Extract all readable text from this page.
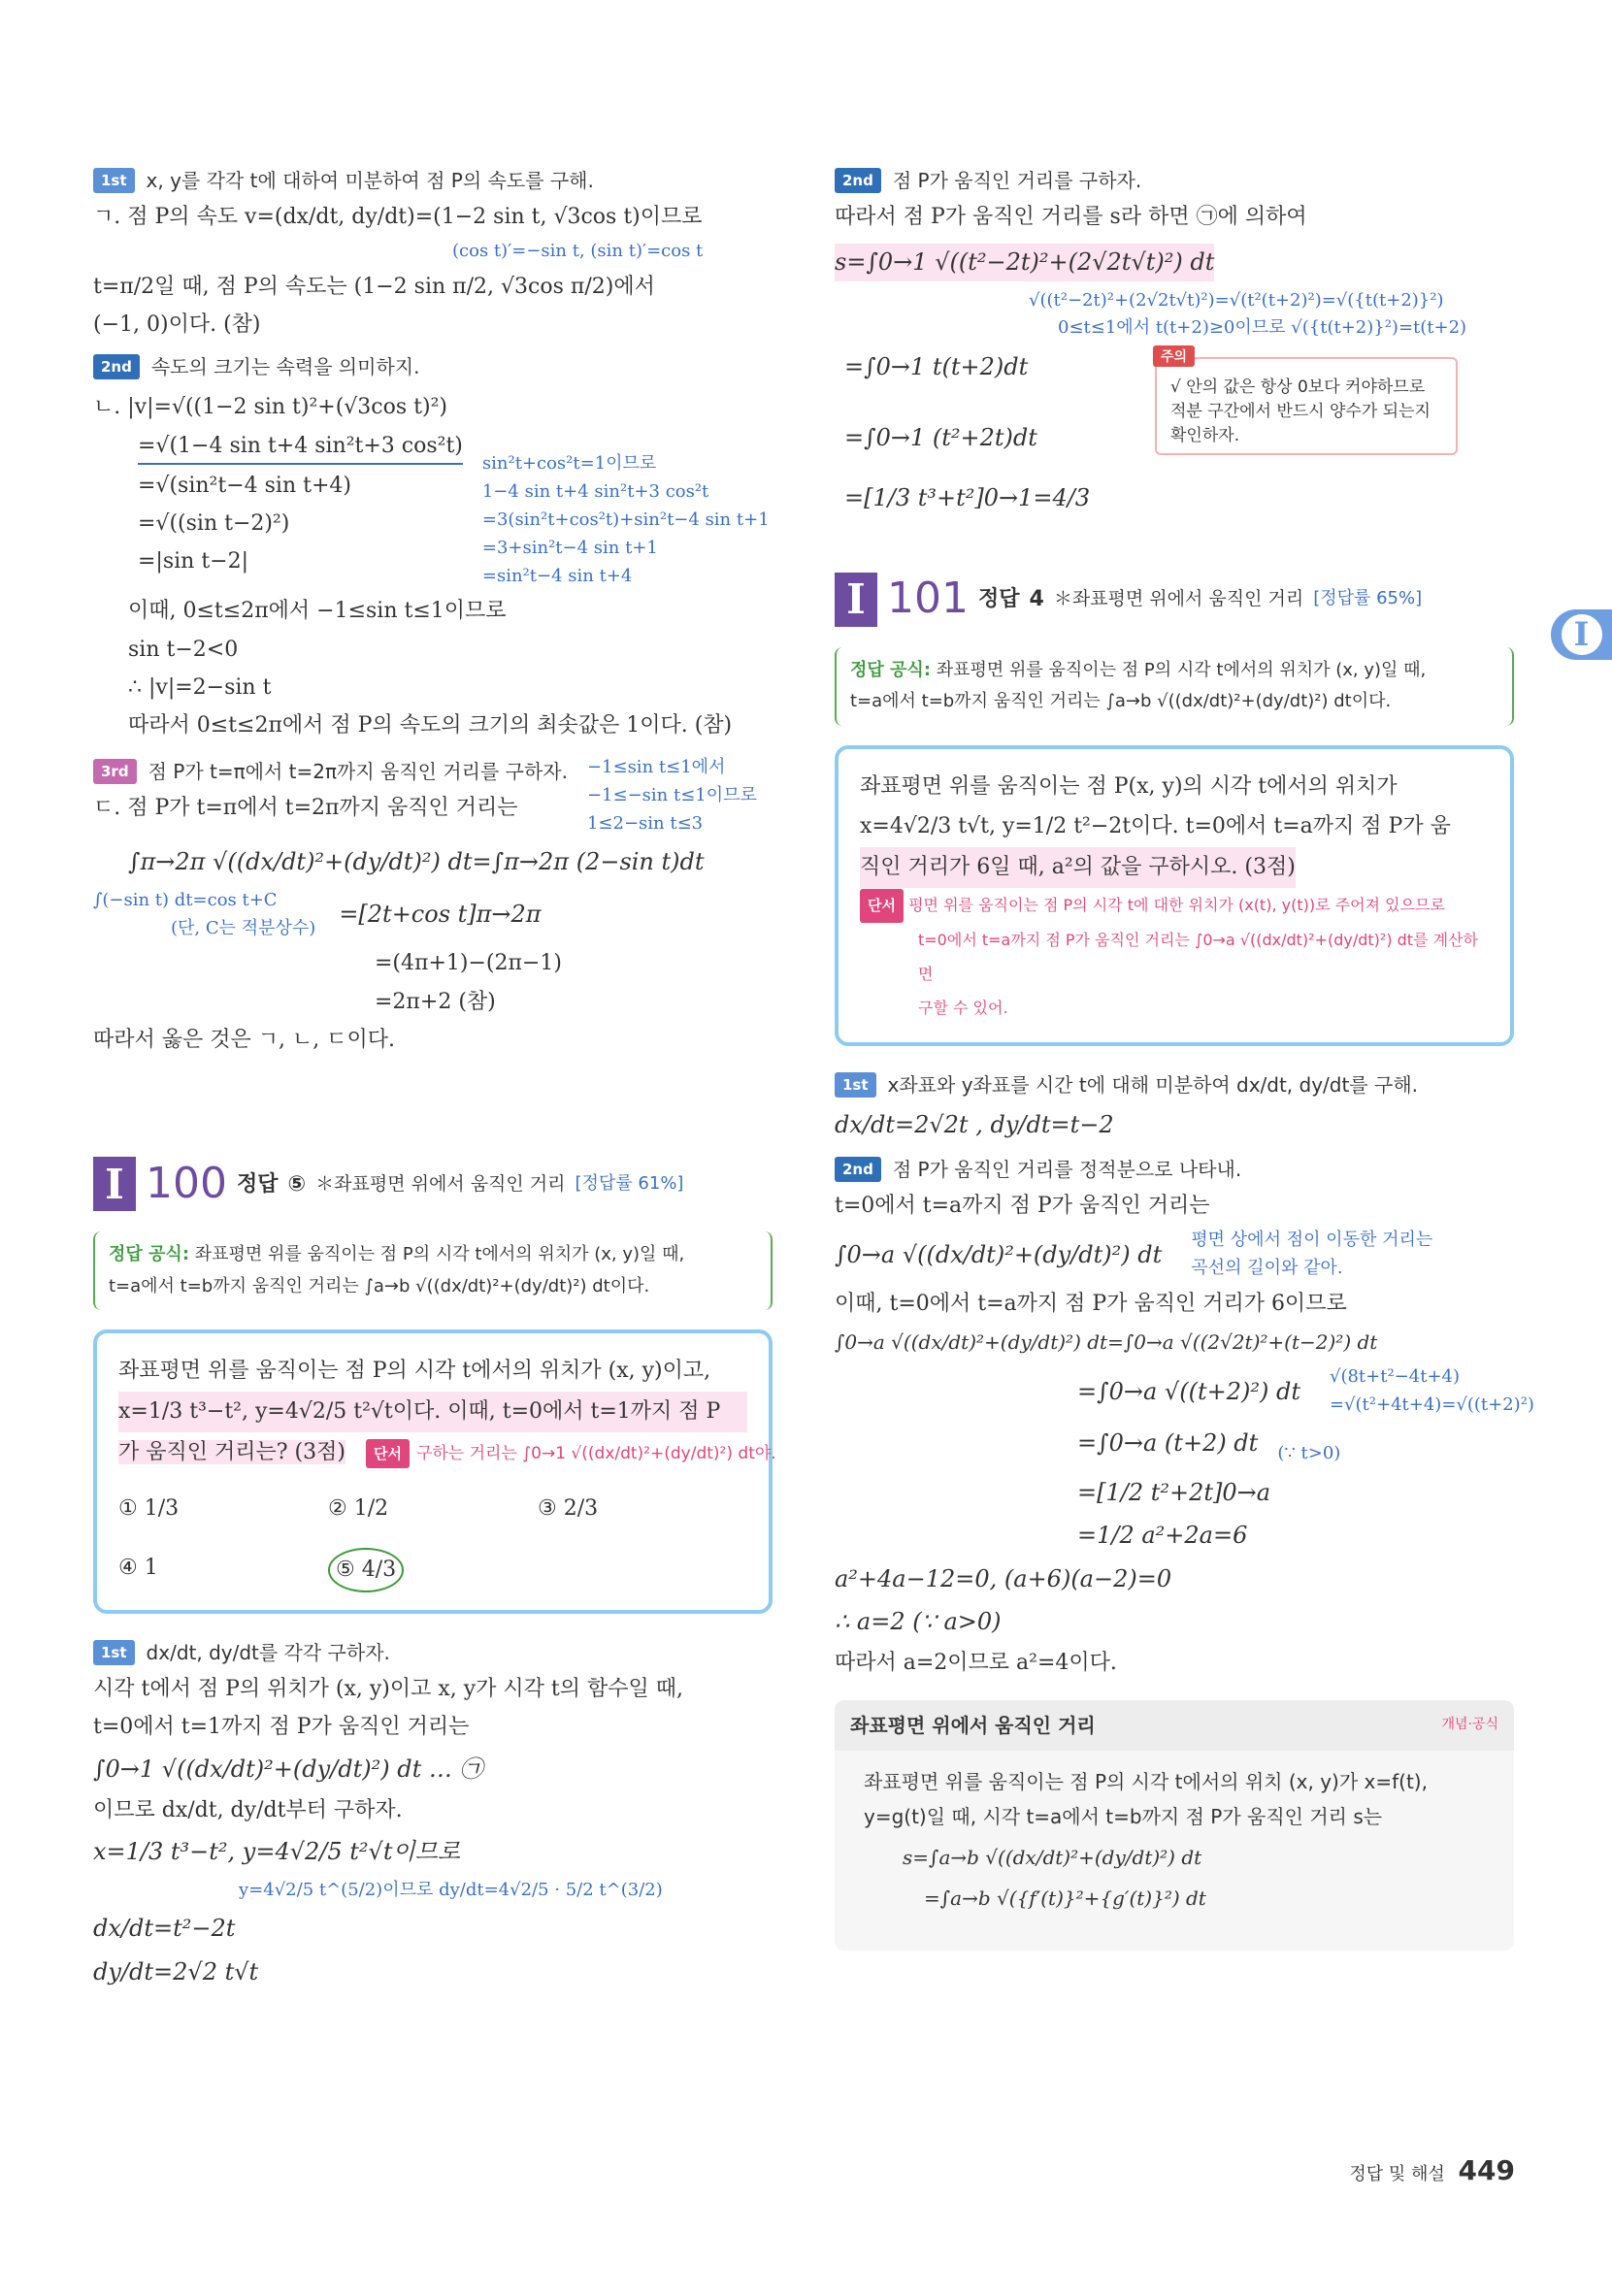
1st	x, y를 각각 t에 대하여 미분하여 점 P의 속도를 구해.
ㄱ. 점 P의 속도 v=(dx/dt, dy/dt)=(1−2 sin t, √3cos t)이므로
(cos t)′=−sin t, (sin t)′=cos t
t=π/2일 때, 점 P의 속도는 (1−2 sin π/2, √3cos π/2)에서
(−1, 0)이다. (참)
2nd	속도의 크기는 속력을 의미하지.
ㄴ. |v|=√((1−2 sin t)²+(√3cos t)²)
=√(1−4 sin t+4 sin²t+3 cos²t)
=√(sin²t−4 sin t+4)
=√((sin t−2)²)
=|sin t−2|
sin²t+cos²t=1이므로
1−4 sin t+4 sin²t+3 cos²t
=3(sin²t+cos²t)+sin²t−4 sin t+1
=3+sin²t−4 sin t+1
=sin²t−4 sin t+4
이때, 0≤t≤2π에서 −1≤sin t≤1이므로
sin t−2<0
∴ |v|=2−sin t
따라서 0≤t≤2π에서 점 P의 속도의 크기의 최솟값은 1이다. (참)
3rd	점 P가 t=π에서 t=2π까지 움직인 거리를 구하자.
ㄷ. 점 P가 t=π에서 t=2π까지 움직인 거리는
−1≤sin t≤1에서
−1≤−sin t≤1이므로
1≤2−sin t≤3
∫π→2π √((dx/dt)²+(dy/dt)²) dt=∫π→2π (2−sin t)dt
∫(−sin t) dt=cos t+C
(단, C는 적분상수) =[2t+cos t]π→2π
=(4π+1)−(2π−1)
=2π+2 (참)
따라서 옳은 것은 ㄱ, ㄴ, ㄷ이다.
I 100 정답 ⑤ ＊좌표평면 위에서 움직인 거리 [정답률 61%]
정답 공식: 좌표평면 위를 움직이는 점 P의 시각 t에서의 위치가 (x, y)일 때,
t=a에서 t=b까지 움직인 거리는 ∫a→b √((dx/dt)²+(dy/dt)²) dt이다.
좌표평면 위를 움직이는 점 P의 시각 t에서의 위치가 (x, y)이고,
x=1/3 t³−t², y=4√2/5 t²√t이다. 이때, t=0에서 t=1까지 점 P
가 움직인 거리는? (3점) 단서 구하는 거리는 ∫0→1 √((dx/dt)²+(dy/dt)²) dt야.
① 1/3	② 1/2	③ 2/3
④ 1	⑤ 4/3
1st	dx/dt, dy/dt를 각각 구하자.
시각 t에서 점 P의 위치가 (x, y)이고 x, y가 시각 t의 함수일 때,
t=0에서 t=1까지 점 P가 움직인 거리는
∫0→1 √((dx/dt)²+(dy/dt)²) dt … ㉠
이므로 dx/dt, dy/dt부터 구하자.
x=1/3 t³−t², y=4√2/5 t²√t이므로
y=4√2/5 t^(5/2)이므로 dy/dt=4√2/5 · 5/2 t^(3/2)
dx/dt=t²−2t
dy/dt=2√2 t√t
2nd	점 P가 움직인 거리를 구하자.
따라서 점 P가 움직인 거리를 s라 하면 ㉠에 의하여
s=∫0→1 √((t²−2t)²+(2√2t√t)²) dt
√((t²−2t)²+(2√2t√t)²)=√(t²(t+2)²)=√({t(t+2)}²)
0≤t≤1에서 t(t+2)≥0이므로 √({t(t+2)}²)=t(t+2)
=∫0→1 t(t+2)dt
=∫0→1 (t²+2t)dt
=[1/3 t³+t²]0→1=4/3
I 101 정답 4 ＊좌표평면 위에서 움직인 거리 [정답률 65%]
정답 공식: 좌표평면 위를 움직이는 점 P의 시각 t에서의 위치가 (x, y)일 때,
t=a에서 t=b까지 움직인 거리는 ∫a→b √((dx/dt)²+(dy/dt)²) dt이다.
좌표평면 위를 움직이는 점 P(x, y)의 시각 t에서의 위치가
x=4√2/3 t√t, y=1/2 t²−2t이다. t=0에서 t=a까지 점 P가 움
직인 거리가 6일 때, a²의 값을 구하시오. (3점)
단서 평면 위를 움직이는 점 P의 시각 t에 대한 위치가 (x(t), y(t))로 주어져 있으므로
t=0에서 t=a까지 점 P가 움직인 거리는 ∫0→a √((dx/dt)²+(dy/dt)²) dt를 계산하면
구할 수 있어.
1st	x좌표와 y좌표를 시간 t에 대해 미분하여 dx/dt, dy/dt를 구해.
dx/dt=2√2t , dy/dt=t−2
2nd	점 P가 움직인 거리를 정적분으로 나타내.
t=0에서 t=a까지 점 P가 움직인 거리는
∫0→a √((dx/dt)²+(dy/dt)²) dt
평면 상에서 점이 이동한 거리는
곡선의 길이와 같아.
이때, t=0에서 t=a까지 점 P가 움직인 거리가 6이므로
∫0→a √((dx/dt)²+(dy/dt)²) dt=∫0→a √((2√2t)²+(t−2)²) dt
=∫0→a √((t+2)²) dt
√(8t+t²−4t+4)
=√(t²+4t+4)=√((t+2)²)
=∫0→a (t+2) dt (∵ t>0)
=[1/2 t²+2t]0→a
=1/2 a²+2a=6
a²+4a−12=0, (a+6)(a−2)=0
∴ a=2 (∵ a>0)
따라서 a=2이므로 a²=4이다.
좌표평면 위에서 움직인 거리	개념·공식
좌표평면 위를 움직이는 점 P의 시각 t에서의 위치 (x, y)가 x=f(t),
y=g(t)일 때, 시각 t=a에서 t=b까지 점 P가 움직인 거리 s는
s=∫a→b √((dx/dt)²+(dy/dt)²) dt
=∫a→b √({f′(t)}²+{g′(t)}²) dt
주의
√ 안의 값은 항상 0보다 커야하므로 적분 구간에서 반드시 양수가 되는지 확인하자.
I
정답 및 해설 449
